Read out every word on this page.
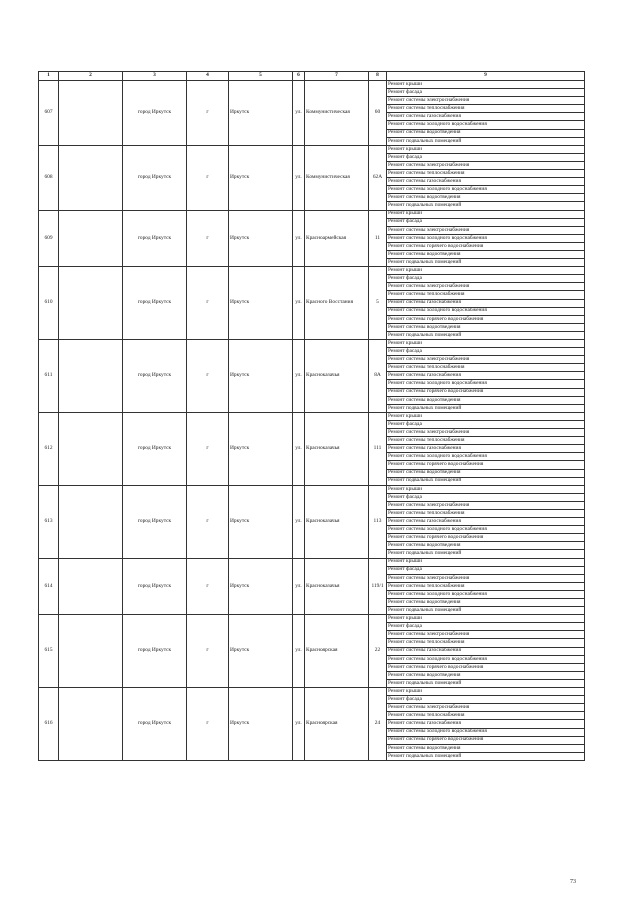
1	2	3	4	5	6	7	8	9
607		город Иркутск	г	Иркутск	ул.	Коммунистическая	60	Ремонт крыши
								Ремонт фасада
								Ремонт системы электроснабжения
								Ремонт системы теплоснабжения
								Ремонт системы газоснабжения
								Ремонт системы холодного водоснабжения
								Ремонт системы водоотведения
								Ремонт подвальных помещений
608		город Иркутск	г	Иркутск	ул.	Коммунистическая	62А	Ремонт крыши
								Ремонт фасада
								Ремонт системы электроснабжения
								Ремонт системы теплоснабжения
								Ремонт системы газоснабжения
								Ремонт системы холодного водоснабжения
								Ремонт системы водоотведения
								Ремонт подвальных помещений
609		город Иркутск	г	Иркутск	ул.	Красноармейская	11	Ремонт крыши
								Ремонт фасада
								Ремонт системы электроснабжения
								Ремонт системы холодного водоснабжения
								Ремонт системы горячего водоснабжения
								Ремонт системы водоотведения
								Ремонт подвальных помещений
610		город Иркутск	г	Иркутск	ул.	Красного Восстания	5	Ремонт крыши
								Ремонт фасада
								Ремонт системы электроснабжения
								Ремонт системы теплоснабжения
								Ремонт системы газоснабжения
								Ремонт системы холодного водоснабжения
								Ремонт системы горячего водоснабжения
								Ремонт системы водоотведения
								Ремонт подвальных помещений
611		город Иркутск	г	Иркутск	ул.	Красноказачья	8А	Ремонт крыши
								Ремонт фасада
								Ремонт системы электроснабжения
								Ремонт системы теплоснабжения
								Ремонт системы газоснабжения
								Ремонт системы холодного водоснабжения
								Ремонт системы горячего водоснабжения
								Ремонт системы водоотведения
								Ремонт подвальных помещений
612		город Иркутск	г	Иркутск	ул.	Красноказачья	111	Ремонт крыши
								Ремонт фасада
								Ремонт системы электроснабжения
								Ремонт системы теплоснабжения
								Ремонт системы газоснабжения
								Ремонт системы холодного водоснабжения
								Ремонт системы горячего водоснабжения
								Ремонт системы водоотведения
								Ремонт подвальных помещений
613		город Иркутск	г	Иркутск	ул.	Красноказачья	113	Ремонт крыши
								Ремонт фасада
								Ремонт системы электроснабжения
								Ремонт системы теплоснабжения
								Ремонт системы газоснабжения
								Ремонт системы холодного водоснабжения
								Ремонт системы горячего водоснабжения
								Ремонт системы водоотведения
								Ремонт подвальных помещений
614		город Иркутск	г	Иркутск	ул.	Красноказачья	119/1	Ремонт крыши
								Ремонт фасада
								Ремонт системы электроснабжения
								Ремонт системы теплоснабжения
								Ремонт системы холодного водоснабжения
								Ремонт системы водоотведения
								Ремонт подвальных помещений
615		город Иркутск	г	Иркутск	ул.	Красноярская	22	Ремонт крыши
								Ремонт фасада
								Ремонт системы электроснабжения
								Ремонт системы теплоснабжения
								Ремонт системы газоснабжения
								Ремонт системы холодного водоснабжения
								Ремонт системы горячего водоснабжения
								Ремонт системы водоотведения
								Ремонт подвальных помещений
616		город Иркутск	г	Иркутск	ул.	Красноярская	24	Ремонт крыши
								Ремонт фасада
								Ремонт системы электроснабжения
								Ремонт системы теплоснабжения
								Ремонт системы газоснабжения
								Ремонт системы холодного водоснабжения
								Ремонт системы горячего водоснабжения
								Ремонт системы водоотведения
								Ремонт подвальных помещений
73
